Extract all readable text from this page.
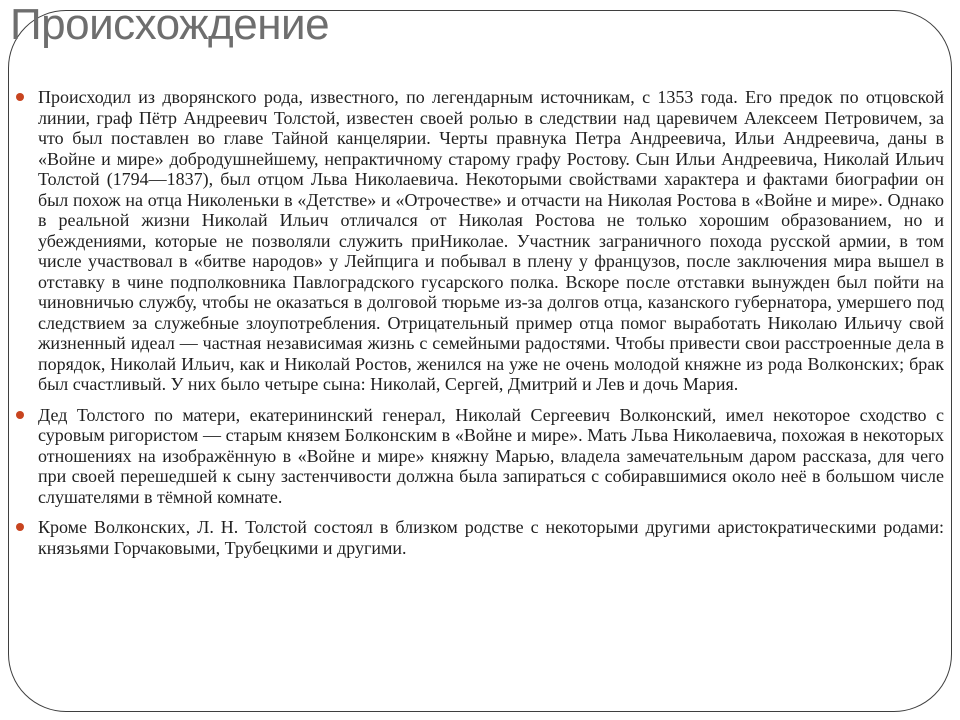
Происхождение
Происходил из дворянского рода, известного, по легендарным источникам, с 1353 года. Его предок по отцовской линии, граф Пётр Андреевич Толстой, известен своей ролью в следствии над царевичем Алексеем Петровичем, за что был поставлен во главе Тайной канцелярии. Черты правнука Петра Андреевича, Ильи Андреевича, даны в «Войне и мире» добродушнейшему, непрактичному старому графу Ростову. Сын Ильи Андреевича, Николай Ильич Толстой (1794—1837), был отцом Льва Николаевича. Некоторыми свойствами характера и фактами биографии он был похож на отца Николеньки в «Детстве» и «Отрочестве» и отчасти на Николая Ростова в «Войне и мире». Однако в реальной жизни Николай Ильич отличался от Николая Ростова не только хорошим образованием, но и убеждениями, которые не позволяли служить приНиколае. Участник заграничного похода русской армии, в том числе участвовал в «битве народов» у Лейпцига и побывал в плену у французов, после заключения мира вышел в отставку в чине подполковника Павлоградского гусарского полка. Вскоре после отставки вынужден был пойти на чиновничью службу, чтобы не оказаться в долговой тюрьме из-за долгов отца, казанского губернатора, умершего под следствием за служебные злоупотребления. Отрицательный пример отца помог выработать Николаю Ильичу свой жизненный идеал — частная независимая жизнь с семейными радостями. Чтобы привести свои расстроенные дела в порядок, Николай Ильич, как и Николай Ростов, женился на уже не очень молодой княжне из рода Волконских; брак был счастливый. У них было четыре сына: Николай, Сергей, Дмитрий и Лев и дочь Мария.
Дед Толстого по матери, екатерининский генерал, Николай Сергеевич Волконский, имел некоторое сходство с суровым ригористом — старым князем Болконским в «Войне и мире». Мать Льва Николаевича, похожая в некоторых отношениях на изображённую в «Войне и мире» княжну Марью, владела замечательным даром рассказа, для чего при своей перешедшей к сыну застенчивости должна была запираться с собиравшимися около неё в большом числе слушателями в тёмной комнате.
Кроме Волконских, Л. Н. Толстой состоял в близком родстве с некоторыми другими аристократическими родами: князьями Горчаковыми, Трубецкими и другими.
